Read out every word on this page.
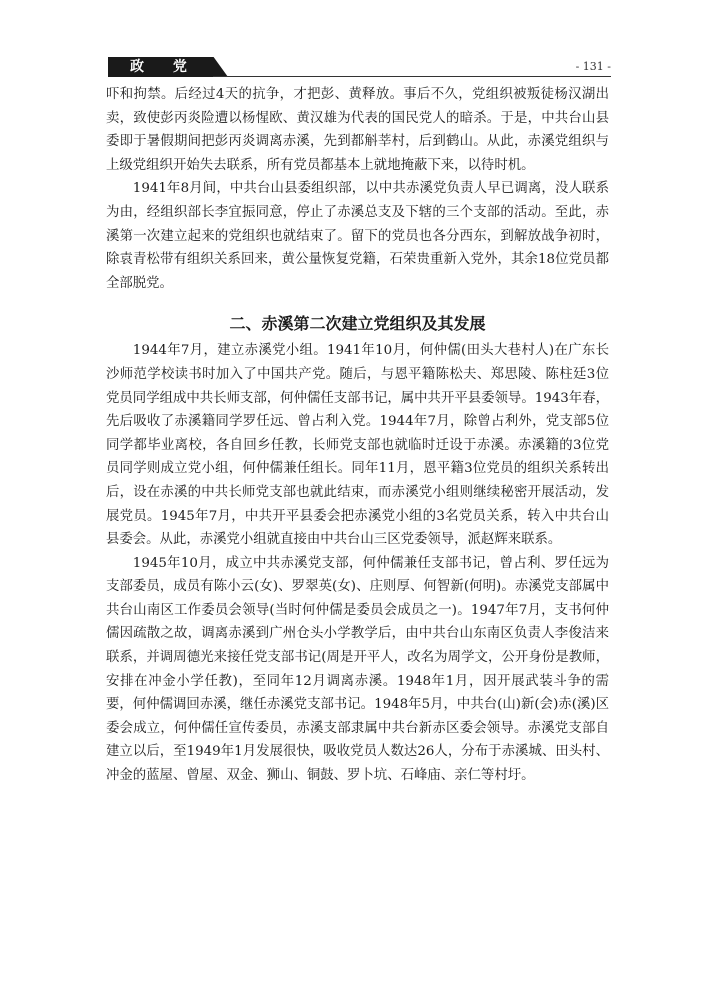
政 党	- 131 -

吓和拘禁。后经过4天的抗争，才把彭、黄释放。事后不久，党组织被叛徒杨汉湖出卖，致使彭丙炎险遭以杨惺欧、黄汉雄为代表的国民党人的暗杀。于是，中共台山县委即于暑假期间把彭丙炎调离赤溪，先到都斛莘村，后到鹤山。从此，赤溪党组织与上级党组织开始失去联系，所有党员都基本上就地掩蔽下来，以待时机。

1941年8月间，中共台山县委组织部，以中共赤溪党负责人早已调离，没人联系为由，经组织部长李宜振同意，停止了赤溪总支及下辖的三个支部的活动。至此，赤溪第一次建立起来的党组织也就结束了。留下的党员也各分西东，到解放战争初时，除袁青松带有组织关系回来，黄公量恢复党籍，石荣贵重新入党外，其余18位党员都全部脱党。

二、赤溪第二次建立党组织及其发展

1944年7月，建立赤溪党小组。1941年10月，何仲儒(田头大巷村人)在广东长沙师范学校读书时加入了中国共产党。随后，与恩平籍陈松夫、郑思陵、陈柱廷3位党员同学组成中共长师支部，何仲儒任支部书记，属中共开平县委领导。1943年春，先后吸收了赤溪籍同学罗任远、曾占利入党。1944年7月，除曾占利外，党支部5位同学都毕业离校，各自回乡任教，长师党支部也就临时迁设于赤溪。赤溪籍的3位党员同学则成立党小组，何仲儒兼任组长。同年11月，恩平籍3位党员的组织关系转出后，设在赤溪的中共长师党支部也就此结束，而赤溪党小组则继续秘密开展活动，发展党员。1945年7月，中共开平县委会把赤溪党小组的3名党员关系，转入中共台山县委会。从此，赤溪党小组就直接由中共台山三区党委领导，派赵辉来联系。

1945年10月，成立中共赤溪党支部，何仲儒兼任支部书记，曾占利、罗任远为支部委员，成员有陈小云(女)、罗翠英(女)、庄则厚、何智新(何明)。赤溪党支部属中共台山南区工作委员会领导(当时何仲儒是委员会成员之一)。1947年7月，支书何仲儒因疏散之故，调离赤溪到广州仓头小学教学后，由中共台山东南区负责人李俊洁来联系，并调周德光来接任党支部书记(周是开平人，改名为周学文，公开身份是教师，安排在冲金小学任教)，至同年12月调离赤溪。1948年1月，因开展武装斗争的需要，何仲儒调回赤溪，继任赤溪党支部书记。1948年5月，中共台(山)新(会)赤(溪)区委会成立，何仲儒任宣传委员，赤溪支部隶属中共台新赤区委会领导。赤溪党支部自建立以后，至1949年1月发展很快，吸收党员人数达26人，分布于赤溪城、田头村、冲金的蓝屋、曾屋、双金、狮山、铜鼓、罗卜坑、石峰庙、亲仁等村圩。
